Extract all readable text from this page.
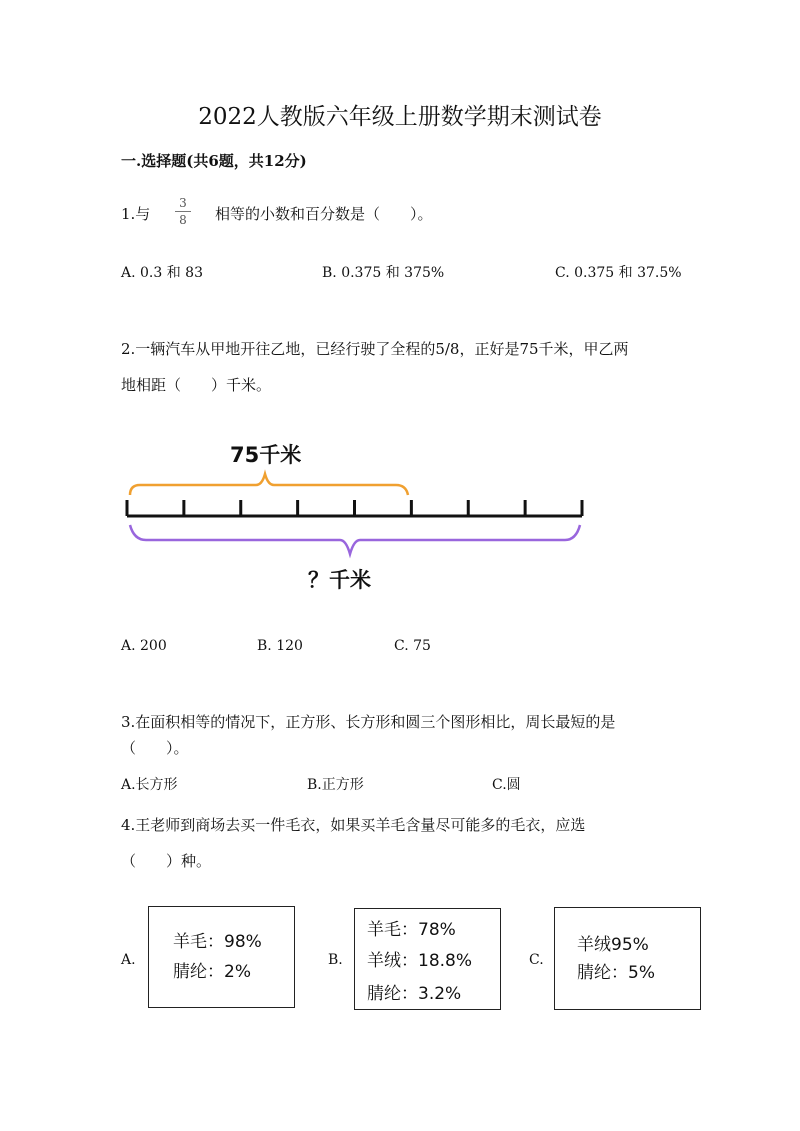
2022人教版六年级上册数学期末测试卷
一.选择题(共6题，共12分)
1.与
3
8	相等的小数和百分数是（　　）。
A. 0.3 和 83	B. 0.375 和 375%	C. 0.375 和 37.5%
2.一辆汽车从甲地开往乙地，已经行驶了全程的5/8，正好是75千米，甲乙两
地相距（　　）千米。
75千米
？千米
A. 200	B. 120	C. 75
3.在面积相等的情况下，正方形、长方形和圆三个图形相比，周长最短的是
（　　）。
A.长方形	B.正方形	C.圆
4.王老师到商场去买一件毛衣，如果买羊毛含量尽可能多的毛衣，应选
（　　）种。
A.
羊毛：98%
腈纶：2%
B.
羊毛：78%
羊绒：18.8%
腈纶：3.2%
C.
羊绒95%
腈纶：5%
